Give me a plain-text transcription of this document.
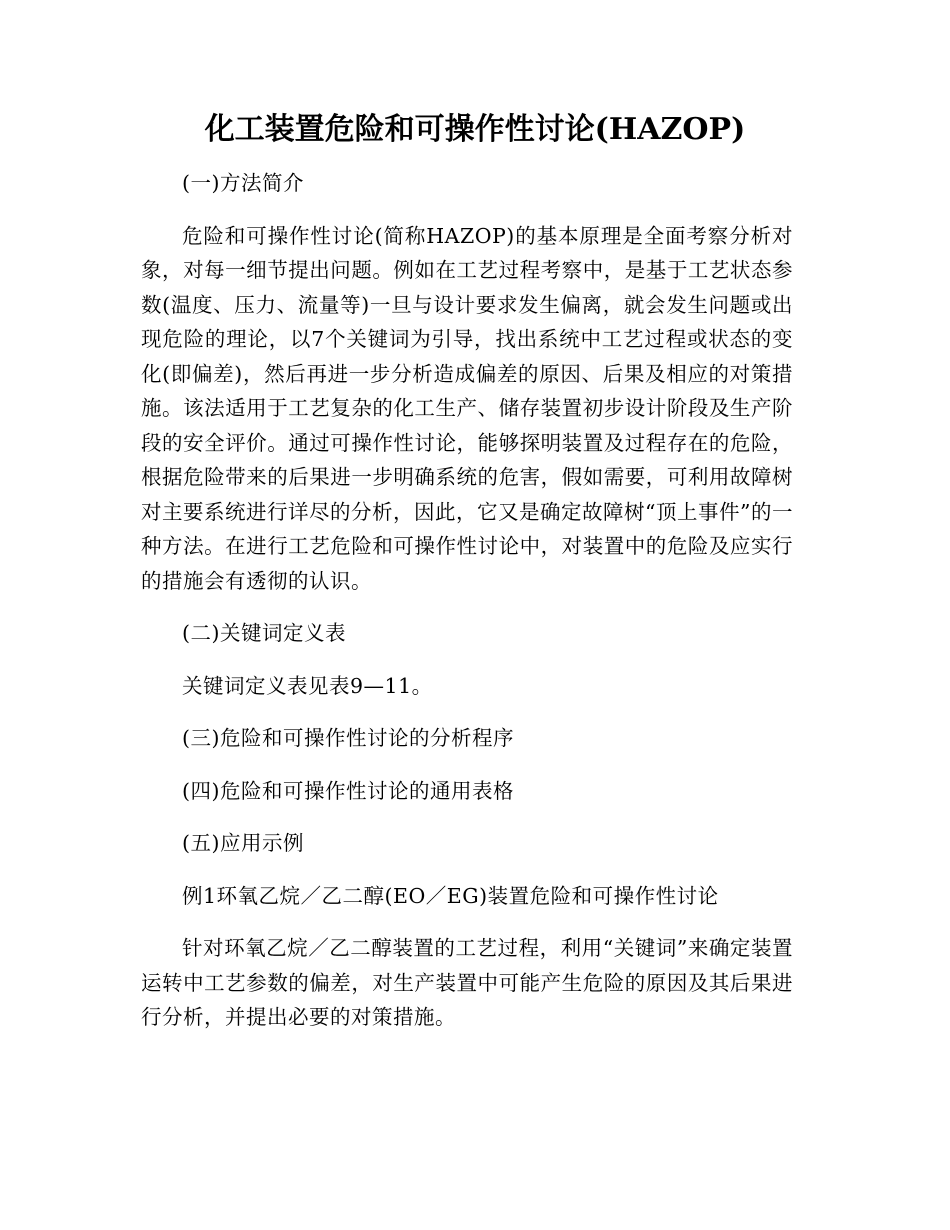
化工装置危险和可操作性讨论(HAZOP)

(一)方法简介

危险和可操作性讨论(简称HAZOP)的基本原理是全面考察分析对象，对每一细节提出问题。例如在工艺过程考察中，是基于工艺状态参数(温度、压力、流量等)一旦与设计要求发生偏离，就会发生问题或出现危险的理论，以7个关键词为引导，找出系统中工艺过程或状态的变化(即偏差)，然后再进一步分析造成偏差的原因、后果及相应的对策措施。该法适用于工艺复杂的化工生产、储存装置初步设计阶段及生产阶段的安全评价。通过可操作性讨论，能够探明装置及过程存在的危险，根据危险带来的后果进一步明确系统的危害，假如需要，可利用故障树对主要系统进行详尽的分析，因此，它又是确定故障树“顶上事件”的一种方法。在进行工艺危险和可操作性讨论中，对装置中的危险及应实行的措施会有透彻的认识。

(二)关键词定义表

关键词定义表见表9—11。

(三)危险和可操作性讨论的分析程序

(四)危险和可操作性讨论的通用表格

(五)应用示例

例1环氧乙烷／乙二醇(EO／EG)装置危险和可操作性讨论

针对环氧乙烷／乙二醇装置的工艺过程，利用“关键词”来确定装置运转中工艺参数的偏差，对生产装置中可能产生危险的原因及其后果进行分析，并提出必要的对策措施。
